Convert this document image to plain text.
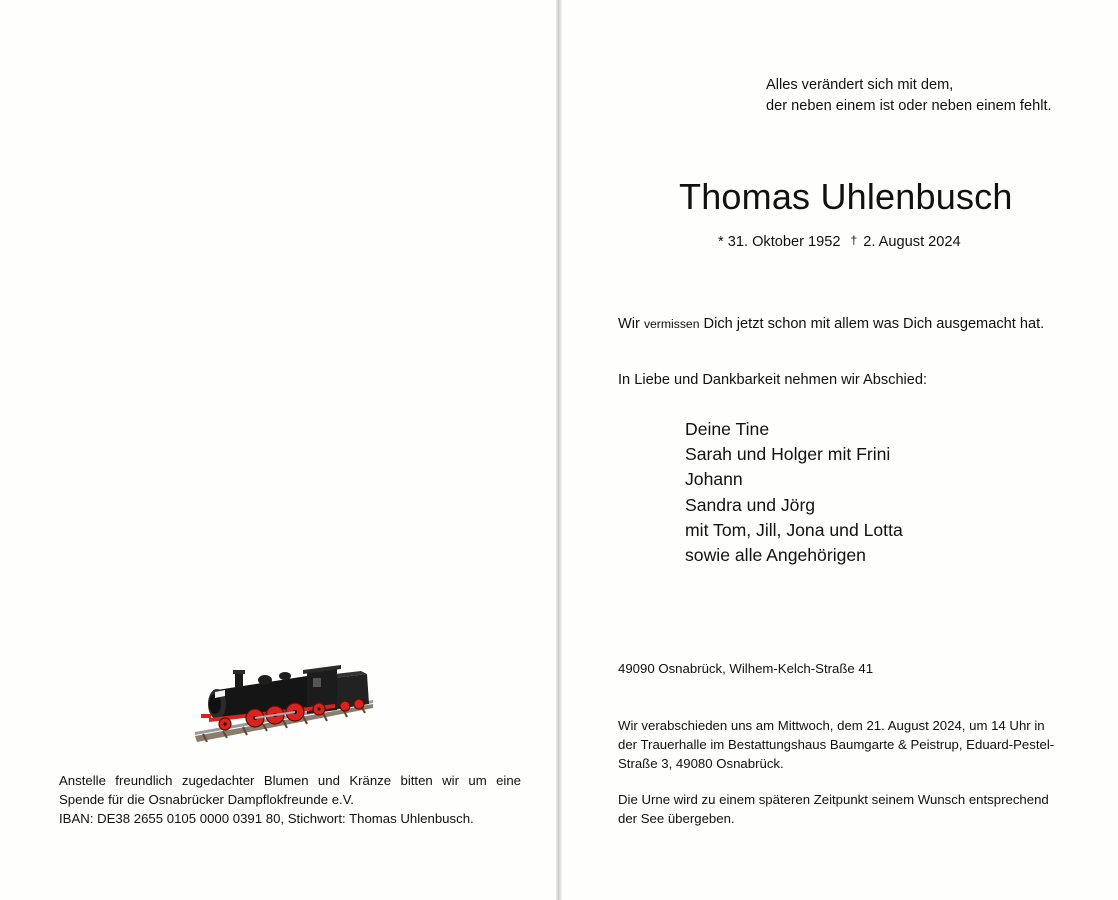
Anstelle freundlich zugedachter Blumen und Kränze bitten wir um eine
Spende für die Osnabrücker Dampflokfreunde e.V.
IBAN: DE38 2655 0105 0000 0391 80, Stichwort: Thomas Uhlenbusch.
Alles verändert sich mit dem,
der neben einem ist oder neben einem fehlt.
Thomas Uhlenbusch
* 31. Oktober 1952 † 2. August 2024
Wir vermissen Dich jetzt schon mit allem was Dich ausgemacht hat.
In Liebe und Dankbarkeit nehmen wir Abschied:
Deine Tine
Sarah und Holger mit Frini
Johann
Sandra und Jörg
mit Tom, Jill, Jona und Lotta
sowie alle Angehörigen
49090 Osnabrück, Wilhem-Kelch-Straße 41
Wir verabschieden uns am Mittwoch, dem 21. August 2024, um 14 Uhr in
der Trauerhalle im Bestattungshaus Baumgarte & Peistrup, Eduard-Pestel-
Straße 3, 49080 Osnabrück.
Die Urne wird zu einem späteren Zeitpunkt seinem Wunsch entsprechend
der See übergeben.
